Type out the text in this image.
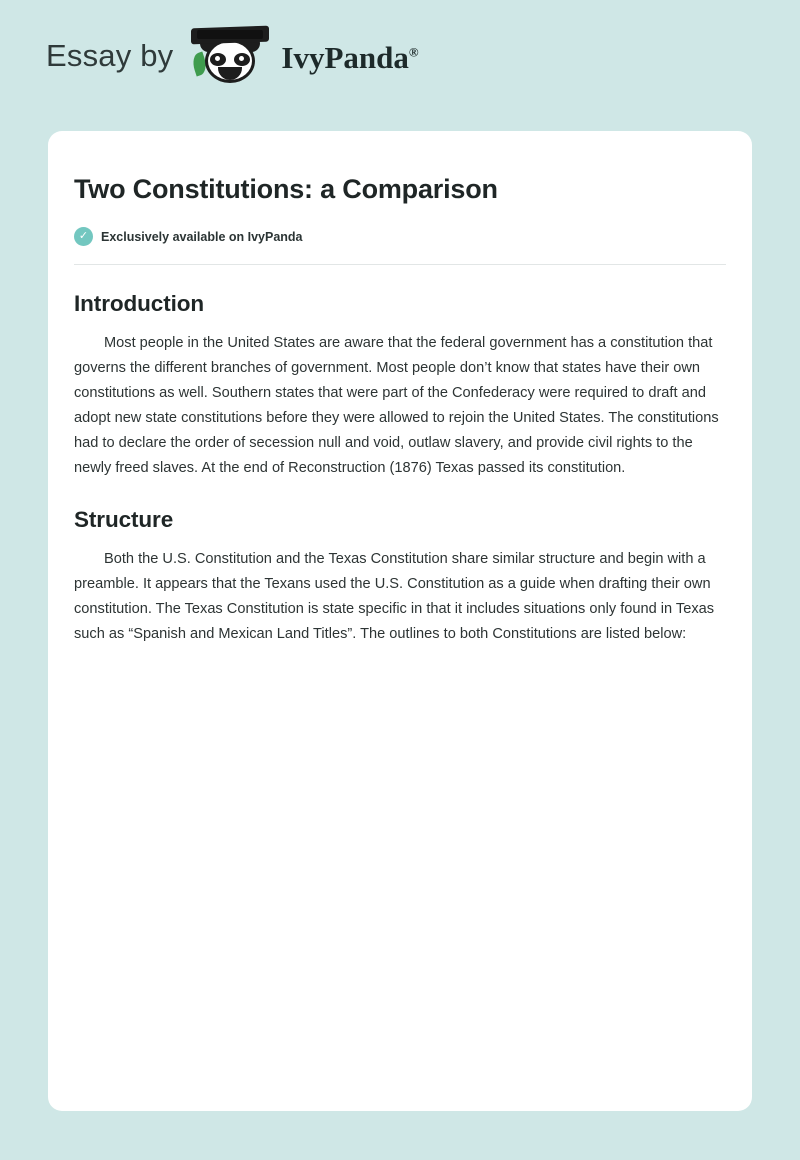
Essay by	IvyPanda®
Two Constitutions: a Comparison
✓	Exclusively available on IvyPanda
Introduction

Most people in the United States are aware that the federal government has a constitution that governs the different branches of government. Most people don’t know that states have their own constitutions as well. Southern states that were part of the Confederacy were required to draft and adopt new state constitutions before they were allowed to rejoin the United States. The constitutions had to declare the order of secession null and void, outlaw slavery, and provide civil rights to the newly freed slaves. At the end of Reconstruction (1876) Texas passed its constitution.

Structure

Both the U.S. Constitution and the Texas Constitution share similar structure and begin with a preamble. It appears that the Texans used the U.S. Constitution as a guide when drafting their own constitution. The Texas Constitution is state specific in that it includes situations only found in Texas such as “Spanish and Mexican Land Titles”. The outlines to both Constitutions are listed below:
